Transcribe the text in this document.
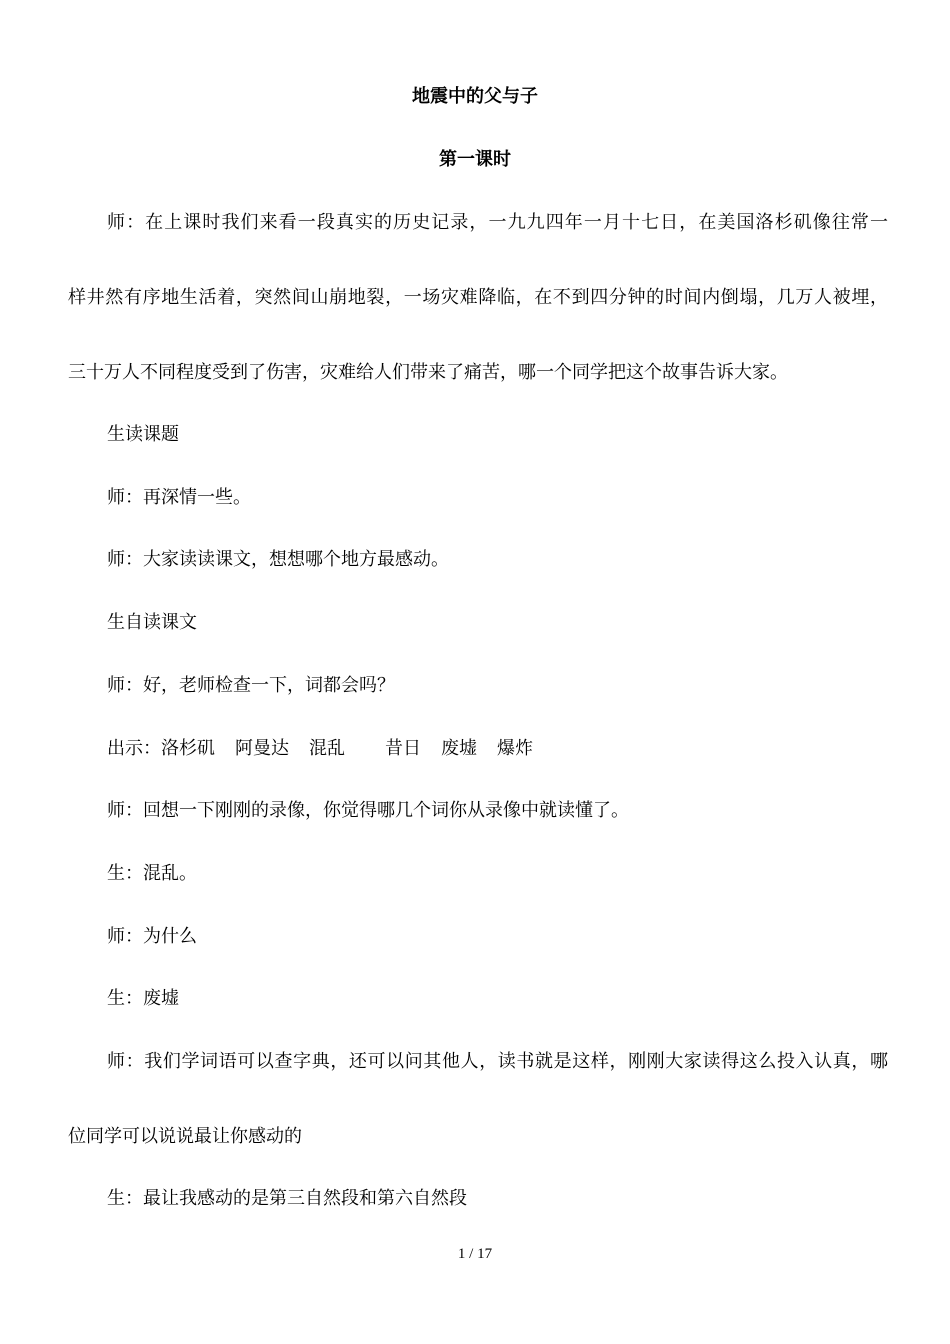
地震中的父与子
第一课时

师：在上课时我们来看一段真实的历史记录，一九九四年一月十七日，在美国洛杉矶像往常一

样井然有序地生活着，突然间山崩地裂，一场灾难降临，在不到四分钟的时间内倒塌，几万人被埋，

三十万人不同程度受到了伤害，灾难给人们带来了痛苦，哪一个同学把这个故事告诉大家。

生读课题

师：再深情一些。

师：大家读读课文，想想哪个地方最感动。

生自读课文

师：好，老师检查一下，词都会吗？

出示：洛杉矶 阿曼达 混乱 昔日 废墟 爆炸

师：回想一下刚刚的录像，你觉得哪几个词你从录像中就读懂了。

生：混乱。

师：为什么

生：废墟

师：我们学词语可以查字典，还可以问其他人，读书就是这样，刚刚大家读得这么投入认真，哪

位同学可以说说最让你感动的

生：最让我感动的是第三自然段和第六自然段

1 / 17
